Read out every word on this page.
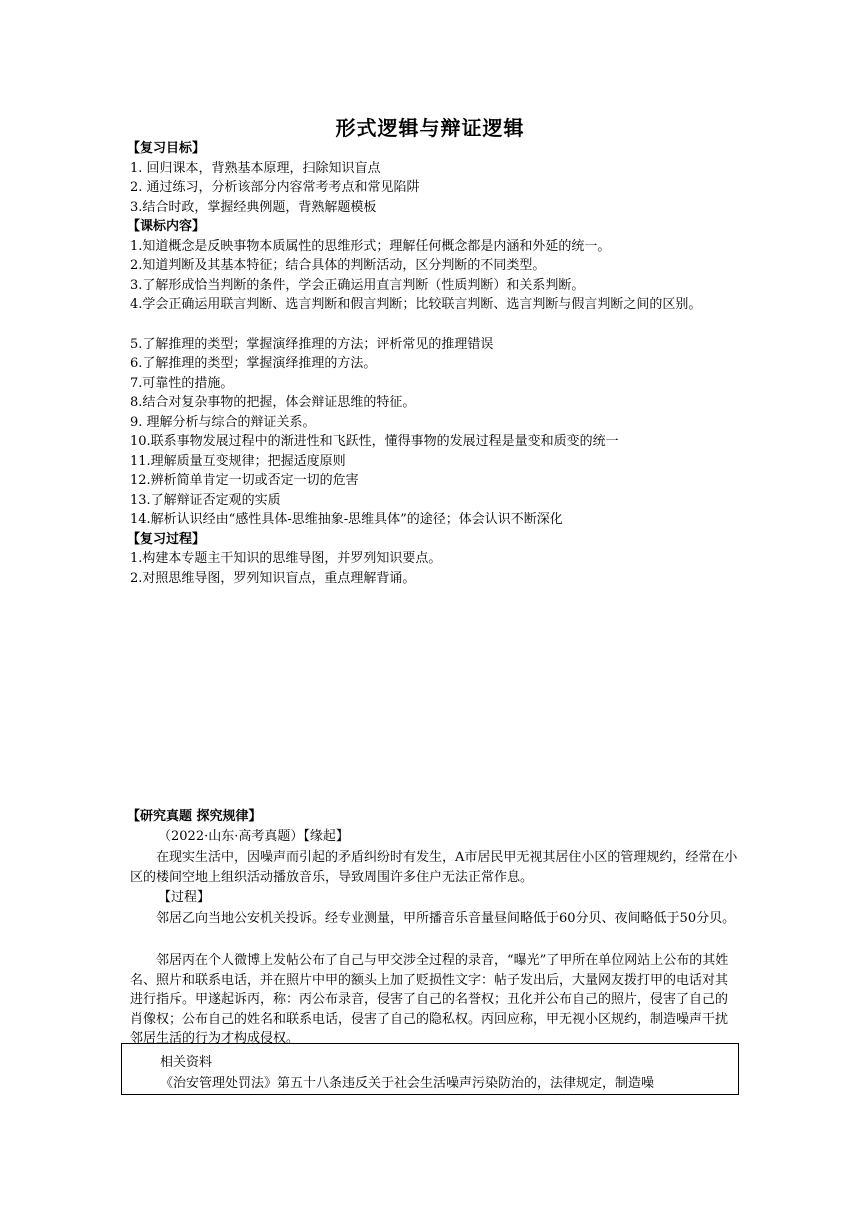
形式逻辑与辩证逻辑
【复习目标】
1. 回归课本，背熟基本原理，扫除知识盲点
2. 通过练习，分析该部分内容常考考点和常见陷阱
3.结合时政，掌握经典例题，背熟解题模板
【课标内容】
1.知道概念是反映事物本质属性的思维形式；理解任何概念都是内涵和外延的统一。
2.知道判断及其基本特征；结合具体的判断活动，区分判断的不同类型。
3.了解形成恰当判断的条件，学会正确运用直言判断（性质判断）和关系判断。
4.学会正确运用联言判断、选言判断和假言判断；比较联言判断、选言判断与假言判断之间的区别。
5.了解推理的类型；掌握演绎推理的方法；评析常见的推理错误
6.了解推理的类型；掌握演绎推理的方法。
7.可靠性的措施。
8.结合对复杂事物的把握，体会辩证思维的特征。
9. 理解分析与综合的辩证关系。
10.联系事物发展过程中的渐进性和飞跃性，懂得事物的发展过程是量变和质变的统一
11.理解质量互变规律；把握适度原则
12.辨析简单肯定一切或否定一切的危害
13.了解辩证否定观的实质
14.解析认识经由“感性具体-思维抽象-思维具体”的途径；体会认识不断深化
【复习过程】
1.构建本专题主干知识的思维导图，并罗列知识要点。
2.对照思维导图，罗列知识盲点，重点理解背诵。
【研究真题 探究规律】
（2022·山东·高考真题）【缘起】
在现实生活中，因噪声而引起的矛盾纠纷时有发生，A市居民甲无视其居住小区的管理规约，经常在小区的楼间空地上组织活动播放音乐，导致周围许多住户无法正常作息。
【过程】
邻居乙向当地公安机关投诉。经专业测量，甲所播音乐音量昼间略低于60分贝、夜间略低于50分贝。
邻居丙在个人微博上发帖公布了自己与甲交涉全过程的录音，“曝光”了甲所在单位网站上公布的其姓名、照片和联系电话，并在照片中甲的额头上加了贬损性文字：帖子发出后，大量网友拨打甲的电话对其进行指斥。甲遂起诉丙，称：丙公布录音，侵害了自己的名誉权；丑化并公布自己的照片，侵害了自己的肖像权；公布自己的姓名和联系电话，侵害了自己的隐私权。丙回应称，甲无视小区规约，制造噪声干扰邻居生活的行为才构成侵权。
相关资料
《治安管理处罚法》第五十八条违反关于社会生活噪声污染防治的，法律规定，制造噪
